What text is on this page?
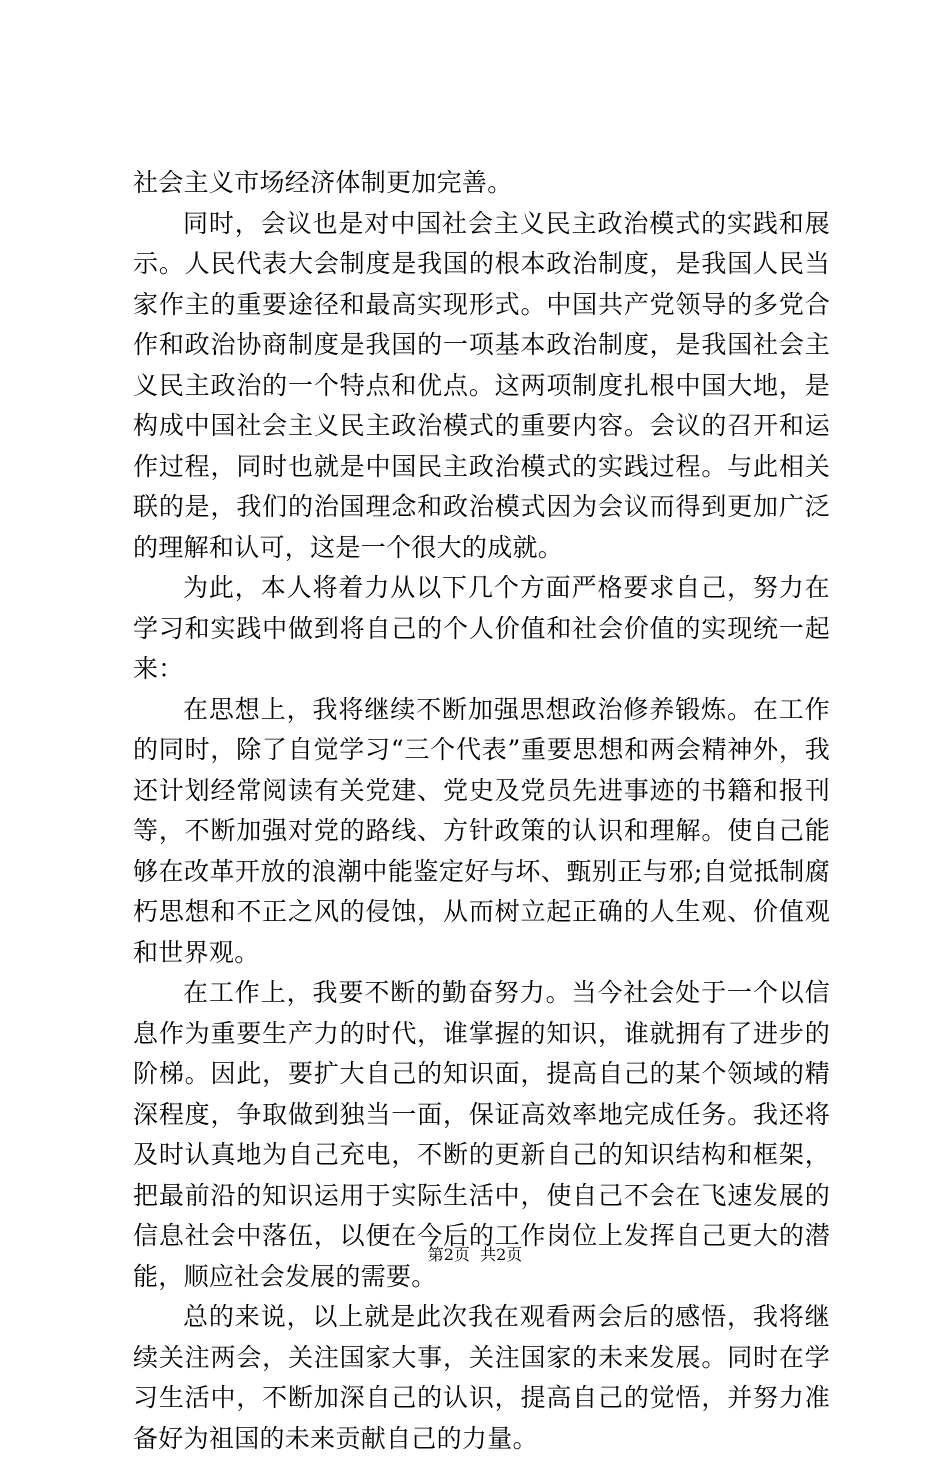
社会主义市场经济体制更加完善。

同时，会议也是对中国社会主义民主政治模式的实践和展示。人民代表大会制度是我国的根本政治制度，是我国人民当家作主的重要途径和最高实现形式。中国共产党领导的多党合作和政治协商制度是我国的一项基本政治制度，是我国社会主义民主政治的一个特点和优点。这两项制度扎根中国大地，是构成中国社会主义民主政治模式的重要内容。会议的召开和运作过程，同时也就是中国民主政治模式的实践过程。与此相关联的是，我们的治国理念和政治模式因为会议而得到更加广泛的理解和认可，这是一个很大的成就。

为此，本人将着力从以下几个方面严格要求自己，努力在学习和实践中做到将自己的个人价值和社会价值的实现统一起来：

在思想上，我将继续不断加强思想政治修养锻炼。在工作的同时，除了自觉学习“三个代表”重要思想和两会精神外，我还计划经常阅读有关党建、党史及党员先进事迹的书籍和报刊等，不断加强对党的路线、方针政策的认识和理解。使自己能够在改革开放的浪潮中能鉴定好与坏、甄别正与邪;自觉抵制腐朽思想和不正之风的侵蚀，从而树立起正确的人生观、价值观和世界观。

在工作上，我要不断的勤奋努力。当今社会处于一个以信息作为重要生产力的时代，谁掌握的知识，谁就拥有了进步的阶梯。因此，要扩大自己的知识面，提高自己的某个领域的精深程度，争取做到独当一面，保证高效率地完成任务。我还将及时认真地为自己充电，不断的更新自己的知识结构和框架，把最前沿的知识运用于实际生活中，使自己不会在飞速发展的信息社会中落伍，以便在今后的工作岗位上发挥自己更大的潜能，顺应社会发展的需要。

总的来说，以上就是此次我在观看两会后的感悟，我将继续关注两会，关注国家大事，关注国家的未来发展。同时在学习生活中，不断加深自己的认识，提高自己的觉悟，并努力准备好为祖国的未来贡献自己的力量。

第2页  共2页
